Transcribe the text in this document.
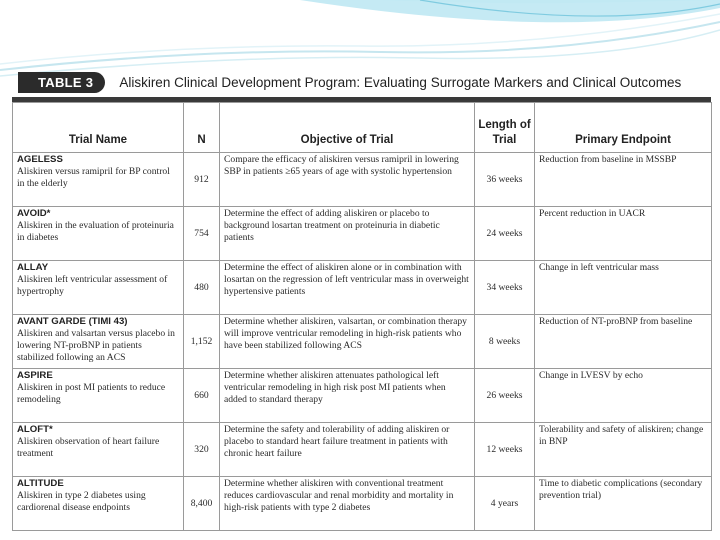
TABLE 3	Aliskiren Clinical Development Program: Evaluating Surrogate Markers and Clinical Outcomes
Trial Name	N	Objective of Trial	Length of Trial	Primary Endpoint

AGELESS
Aliskiren versus ramipril for BP control in the elderly	912	Compare the efficacy of aliskiren versus ramipril in lowering SBP in patients ≥65 years of age with systolic hypertension	36 weeks	Reduction from baseline in MSSBP

AVOID*
Aliskiren in the evaluation of proteinuria in diabetes	754	Determine the effect of adding aliskiren or placebo to background losartan treatment on proteinuria in diabetic patients	24 weeks	Percent reduction in UACR

ALLAY
Aliskiren left ventricular assessment of hypertrophy	480	Determine the effect of aliskiren alone or in combination with losartan on the regression of left ventricular mass in overweight hypertensive patients	34 weeks	Change in left ventricular mass

AVANT GARDE (TIMI 43)
Aliskiren and valsartan versus placebo in lowering NT-proBNP in patients stabilized following an ACS	1,152	Determine whether aliskiren, valsartan, or combination therapy will improve ventricular remodeling in high-risk patients who have been stabilized following ACS	8 weeks	Reduction of NT-proBNP from baseline

ASPIRE
Aliskiren in post MI patients to reduce remodeling	660	Determine whether aliskiren attenuates pathological left ventricular remodeling in high risk post MI patients when added to standard therapy	26 weeks	Change in LVESV by echo

ALOFT*
Aliskiren observation of heart failure treatment	320	Determine the safety and tolerability of adding aliskiren or placebo to standard heart failure treatment in patients with chronic heart failure	12 weeks	Tolerability and safety of aliskiren; change in BNP

ALTITUDE
Aliskiren in type 2 diabetes using cardiorenal disease endpoints	8,400	Determine whether aliskiren with conventional treatment reduces cardiovascular and renal morbidity and mortality in high-risk patients with type 2 diabetes	4 years	Time to diabetic complications (secondary prevention trial)
